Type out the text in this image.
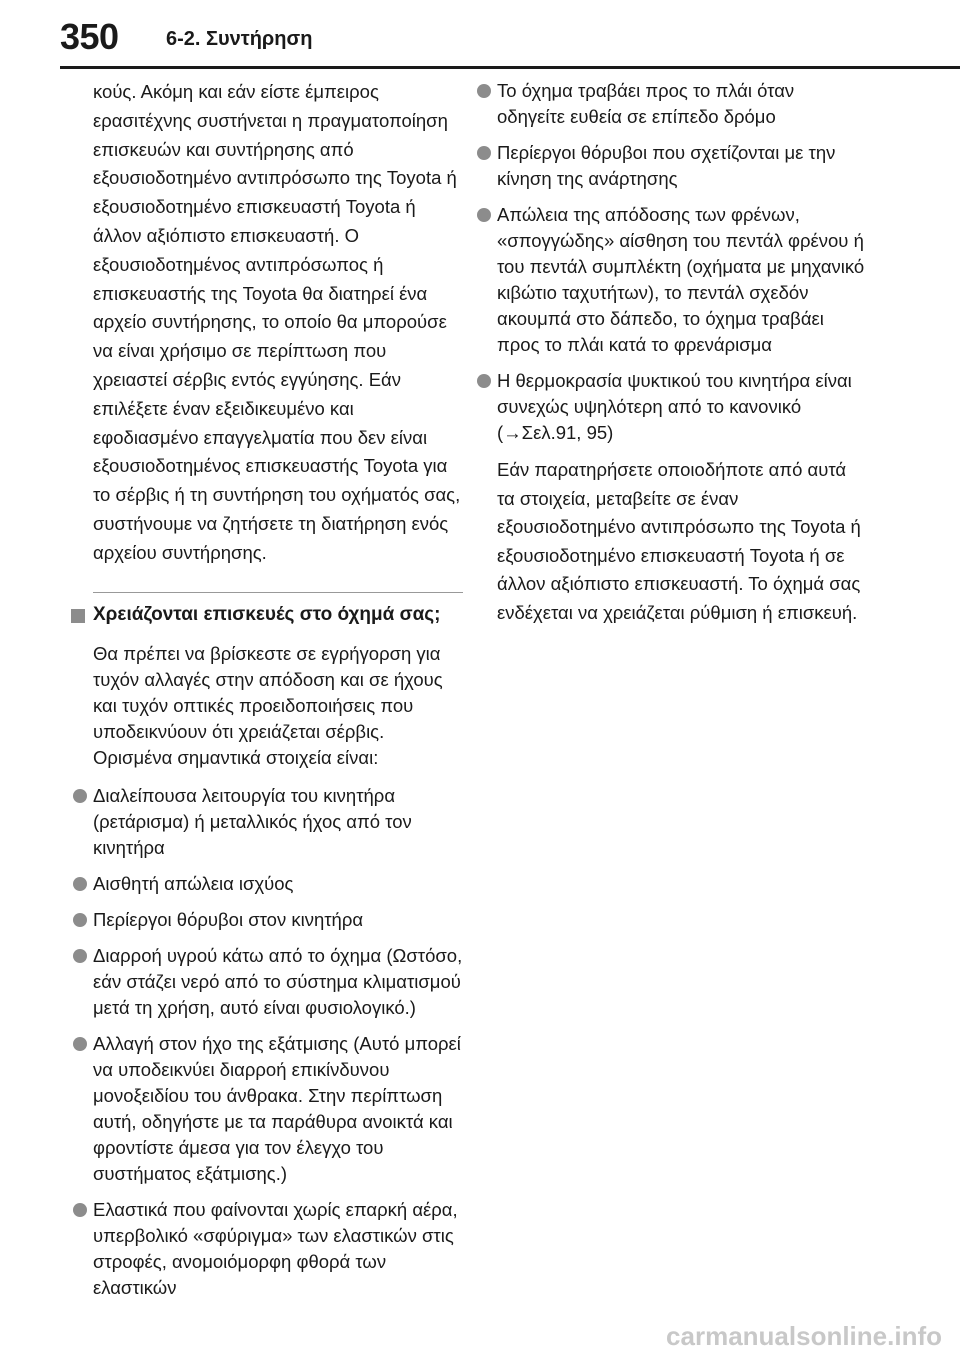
350 6-2. Συντήρηση

κούς. Ακόμη και εάν είστε έμπειρος ερασιτέχνης συστήνεται η πραγματοποίηση επισκευών και συντήρησης από εξουσιοδοτημένο αντιπρόσωπο της Toyota ή εξουσιοδοτημένο επισκευαστή Toyota ή άλλον αξιόπιστο επισκευαστή. Ο εξουσιοδοτημένος αντιπρόσωπος ή επισκευαστής της Toyota θα διατηρεί ένα αρχείο συντήρησης, το οποίο θα μπορούσε να είναι χρήσιμο σε περίπτωση που χρειαστεί σέρβις εντός εγγύησης. Εάν επιλέξετε έναν εξειδικευμένο και εφοδιασμένο επαγγελματία που δεν είναι εξουσιοδοτημένος επισκευαστής Toyota για το σέρβις ή τη συντήρηση του οχήματός σας, συστήνουμε να ζητήσετε τη διατήρηση ενός αρχείου συντήρησης.

Χρειάζονται επισκευές στο όχημά σας;

Θα πρέπει να βρίσκεστε σε εγρήγορση για τυχόν αλλαγές στην απόδοση και σε ήχους και τυχόν οπτικές προειδοποιήσεις που υποδεικνύουν ότι χρειάζεται σέρβις. Ορισμένα σημαντικά στοιχεία είναι:

Διαλείπουσα λειτουργία του κινητήρα (ρετάρισμα) ή μεταλλικός ήχος από τον κινητήρα
Αισθητή απώλεια ισχύος
Περίεργοι θόρυβοι στον κινητήρα
Διαρροή υγρού κάτω από το όχημα (Ωστόσο, εάν στάζει νερό από το σύστημα κλιματισμού μετά τη χρήση, αυτό είναι φυσιολογικό.)
Αλλαγή στον ήχο της εξάτμισης (Αυτό μπορεί να υποδεικνύει διαρροή επικίνδυνου μονοξειδίου του άνθρακα. Στην περίπτωση αυτή, οδηγήστε με τα παράθυρα ανοικτά και φροντίστε άμεσα για τον έλεγχο του συστήματος εξάτμισης.)
Ελαστικά που φαίνονται χωρίς επαρκή αέρα, υπερβολικό «σφύριγμα» των ελαστικών στις στροφές, ανομοιόμορφη φθορά των ελαστικών
Το όχημα τραβάει προς το πλάι όταν οδηγείτε ευθεία σε επίπεδο δρόμο
Περίεργοι θόρυβοι που σχετίζονται με την κίνηση της ανάρτησης
Απώλεια της απόδοσης των φρένων, «σπογγώδης» αίσθηση του πεντάλ φρένου ή του πεντάλ συμπλέκτη (οχήματα με μηχανικό κιβώτιο ταχυτήτων), το πεντάλ σχεδόν ακουμπά στο δάπεδο, το όχημα τραβάει προς το πλάι κατά το φρενάρισμα
Η θερμοκρασία ψυκτικού του κινητήρα είναι συνεχώς υψηλότερη από το κανονικό (→Σελ.91, 95)

Εάν παρατηρήσετε οποιοδήποτε από αυτά τα στοιχεία, μεταβείτε σε έναν εξουσιοδοτημένο αντιπρόσωπο της Toyota ή εξουσιοδοτημένο επισκευαστή Toyota ή σε άλλον αξιόπιστο επισκευαστή. Το όχημά σας ενδέχεται να χρειάζεται ρύθμιση ή επισκευή.

carmanualsonline.info
